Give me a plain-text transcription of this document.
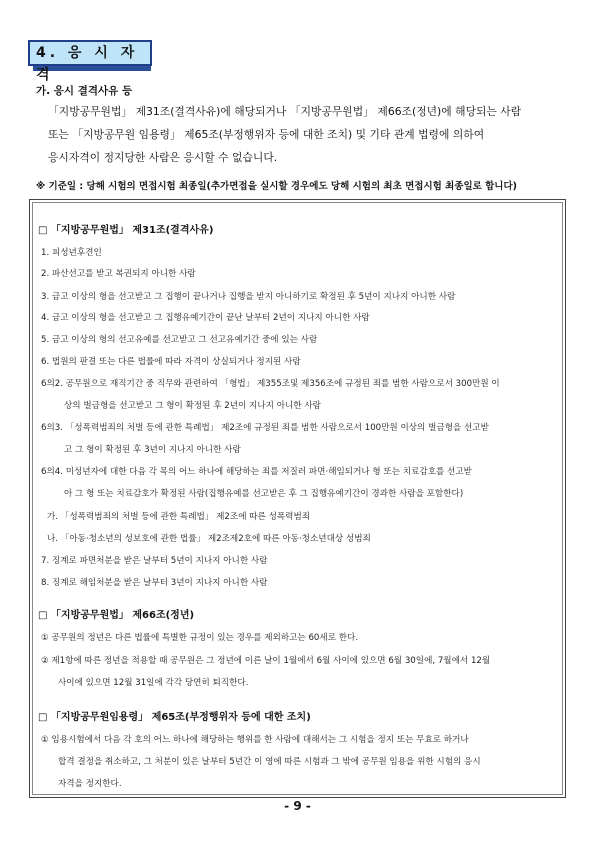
4. 응 시 자 격
가. 응시 결격사유 등
「지방공무원법」 제31조(결격사유)에 해당되거나 「지방공무원법」 제66조(정년)에 해당되는 사람
또는 「지방공무원 임용령」 제65조(부정행위자 등에 대한 조치) 및 기타 관계 법령에 의하여
응시자격이 정지당한 사람은 응시할 수 없습니다.
※ 기준일 : 당해 시험의 면접시험 최종일(추가면접을 실시할 경우에도 당해 시험의 최초 면접시험 최종일로 합니다)
□ 「지방공무원법」 제31조(결격사유)
1. 피성년후견인
2. 파산선고를 받고 복권되지 아니한 사람
3. 금고 이상의 형을 선고받고 그 집행이 끝나거나 집행을 받지 아니하기로 확정된 후 5년이 지나지 아니한 사람
4. 금고 이상의 형을 선고받고 그 집행유예기간이 끝난 날부터 2년이 지나지 아니한 사람
5. 금고 이상의 형의 선고유예를 선고받고 그 선고유예기간 중에 있는 사람
6. 법원의 판결 또는 다른 법률에 따라 자격이 상실되거나 정지된 사람
6의2. 공무원으로 재직기간 중 직무와 관련하여 「형법」 제355조및 제356조에 규정된 죄를 범한 사람으로서 300만원 이
상의 벌금형을 선고받고 그 형이 확정된 후 2년이 지나지 아니한 사람
6의3. 「성폭력범죄의 처벌 등에 관한 특례법」 제2조에 규정된 죄를 범한 사람으로서 100만원 이상의 벌금형을 선고받
고 그 형이 확정된 후 3년이 지나지 아니한 사람
6의4. 미성년자에 대한 다음 각 목의 어느 하나에 해당하는 죄를 저질러 파면·해임되거나 형 또는 치료감호를 선고받
아 그 형 또는 치료감호가 확정된 사람(집행유예를 선고받은 후 그 집행유예기간이 경과한 사람을 포함한다)
가. 「성폭력범죄의 처벌 등에 관한 특례법」 제2조에 따른 성폭력범죄
나. 「아동·청소년의 성보호에 관한 법률」 제2조제2호에 따른 아동·청소년대상 성범죄
7. 징계로 파면처분을 받은 날부터 5년이 지나지 아니한 사람
8. 징계로 해임처분을 받은 날부터 3년이 지나지 아니한 사람
□ 「지방공무원법」 제66조(정년)
① 공무원의 정년은 다른 법률에 특별한 규정이 있는 경우를 제외하고는 60세로 한다.
② 제1항에 따른 정년을 적용할 때 공무원은 그 정년에 이른 날이 1월에서 6월 사이에 있으면 6월 30일에, 7월에서 12월
사이에 있으면 12월 31일에 각각 당연히 퇴직한다.
□ 「지방공무원임용령」 제65조(부정행위자 등에 대한 조치)
① 임용시험에서 다음 각 호의 어느 하나에 해당하는 행위를 한 사람에 대해서는 그 시험을 정지 또는 무효로 하거나
합격 결정을 취소하고, 그 처분이 있은 날부터 5년간 이 영에 따른 시험과 그 밖에 공무원 임용을 위한 시험의 응시
자격을 정지한다.
- 9 -
